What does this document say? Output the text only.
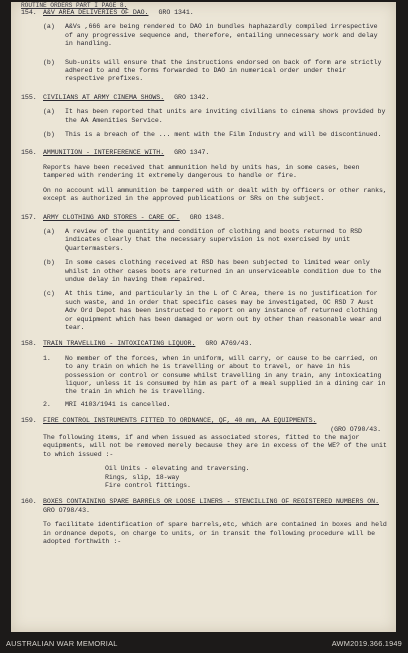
ROUTINE ORDERS PART I PAGE 8.
154. A&V AREA DELIVERIES OF DAO. GRO 1341.
(a)	A&Vs ,666 are being rendered to DAO in bundles haphazardly compiled irrespective of any progressive sequence and, therefore, entailing unnecessary work and delay in handling.
(b)	Sub-units will ensure that the instructions endorsed on back of form are strictly adhered to and the forms forwarded to DAO in numerical order under their respective prefixes.
155. CIVILIANS AT ARMY CINEMA SHOWS. GRO 1342.
(a)	It has been reported that units are inviting civilians to cinema shows provided by the AA Amenities Service.
(b)	This is a breach of the ... ment with the Film Industry and will be discontinued.
156. AMMUNITION - INTERFERENCE WITH. GRO 1347.
Reports have been received that ammunition held by units has, in some cases, been tampered with rendering it extremely dangerous to handle or fire.
On no account will ammunition be tampered with or dealt with by officers or other ranks, except as authorized in the approved publications or SRs on the subject.
157. ARMY CLOTHING AND STORES - CARE OF. GRO 1348.
(a)	A review of the quantity and condition of clothing and boots returned to RSD indicates clearly that the necessary supervision is not exercised by unit Quartermasters.
(b)	In some cases clothing received at RSD has been subjected to limited wear only whilst in other cases boots are returned in an unserviceable condition due to the undue delay in having them repaired.
(c)	At this time, and particularly in the L of C Area, there is no justification for such waste, and in order that specific cases may be investigated, OC RSD 7 Aust Adv Ord Depot has been instructed to report on any instance of returned clothing or equipment which has been damaged or worn out by other than reasonable wear and tear.
158. TRAIN TRAVELLING - INTOXICATING LIQUOR. GRO A769/43.
1.	No member of the forces, when in uniform, will carry, or cause to be carried, on to any train on which he is travelling or about to travel, or have in his possession or control or consume whilst travelling in any train, any intoxicating liquor, unless it is consumed by him as part of a meal supplied in a dining car in the train in which he is travelling.
2.	MRI 4103/1941 is cancelled.
159. FIRE CONTROL INSTRUMENTS FITTED TO ORDNANCE, QF, 40 mm, AA EQUIPMENTS.
(GRO O790/43.
The following items, if and when issued as associated stores, fitted to the major equipments, will not be removed merely because they are in excess of the WE? of the unit to which issued :-
Oil Units - elevating and traversing.
Rings, slip, 18-way
Fire control fittings.
160. BOXES CONTAINING SPARE BARRELS OR LOOSE LINERS - STENCILLING OF REGISTERED NUMBERS ON.
GRO O798/43.
To facilitate identification of spare barrels,etc, which are contained in boxes and held in ordnance depots, on charge to units, or in transit the following procedure will be adopted forthwith :-
AUSTRALIAN WAR MEMORIAL	AWM2019.366.1949
